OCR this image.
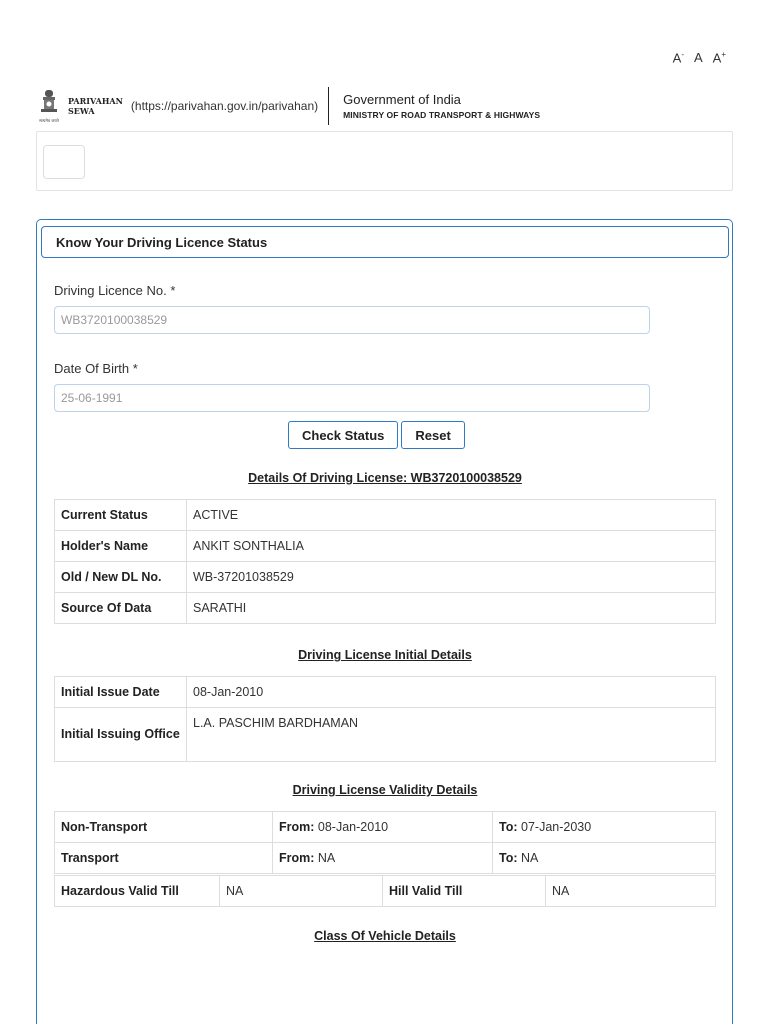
A- A A+
सत्यमेव जयते
PARIVAHAN
SEWA	(https://parivahan.gov.in/parivahan) Government of India
MINISTRY OF ROAD TRANSPORT & HIGHWAYS
Know Your Driving Licence Status
Driving Licence No. *
WB3720100038529
Date Of Birth *
25-06-1991
Check Status	Reset
Details Of Driving License: WB3720100038529
Current Status	ACTIVE
Holder's Name	ANKIT SONTHALIA
Old / New DL No.	WB-37201038529
Source Of Data	SARATHI
Driving License Initial Details
Initial Issue Date	08-Jan-2010
Initial Issuing Office	L.A. PASCHIM BARDHAMAN
Driving License Validity Details
Non-Transport	From: 08-Jan-2010	To: 07-Jan-2030
Transport	From: NA	To: NA
Hazardous Valid Till	NA	Hill Valid Till	NA
Class Of Vehicle Details
